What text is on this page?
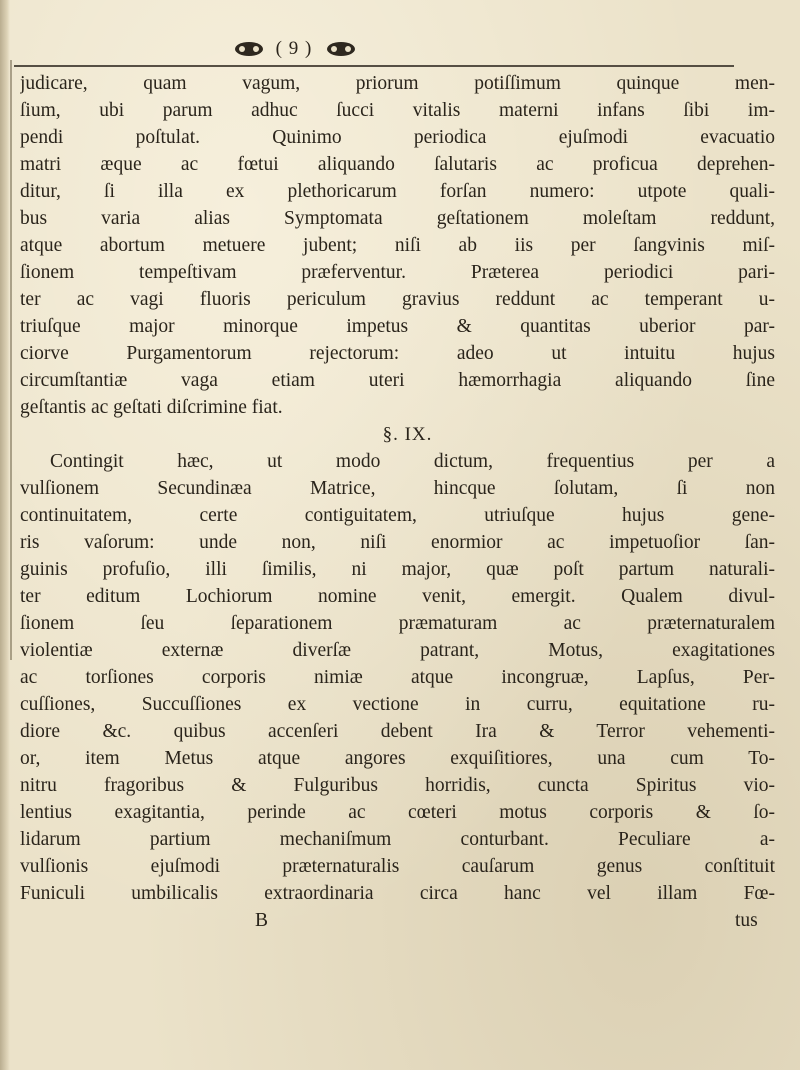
( 9 )
judicare, quam vagum, priorum potiſſimum quinque men-
ſium, ubi parum adhuc ſucci vitalis materni infans ſibi im-
pendi poſtulat. Quinimo periodica ejuſmodi evacuatio
matri æque ac fœtui aliquando ſalutaris ac proficua deprehen-
ditur, ſi illa ex plethoricarum forſan numero: utpote quali-
bus varia alias Symptomata geſtationem moleſtam reddunt,
atque abortum metuere jubent; niſi ab iis per ſangvinis miſ-
ſionem tempeſtivam præferventur. Præterea periodici pari-
ter ac vagi fluoris periculum gravius reddunt ac temperant u-
triuſque major minorque impetus & quantitas uberior par-
ciorve Purgamentorum rejectorum: adeo ut intuitu hujus
circumſtantiæ vaga etiam uteri hæmorrhagia aliquando ſine
geſtantis ac geſtati diſcrimine fiat.
§. IX.
Contingit hæc, ut modo dictum, frequentius per a
vulſionem Secundinæa Matrice, hincque ſolutam, ſi non
continuitatem, certe contiguitatem, utriuſque hujus gene-
ris vaſorum: unde non, niſi enormior ac impetuoſior ſan-
guinis profuſio, illi ſimilis, ni major, quæ poſt partum naturali-
ter editum Lochiorum nomine venit, emergit. Qualem divul-
ſionem ſeu ſeparationem præmaturam ac præternaturalem
violentiæ externæ diverſæ patrant, Motus, exagitationes
ac torſiones corporis nimiæ atque incongruæ, Lapſus, Per-
cuſſiones, Succuſſiones ex vectione in curru, equitatione ru-
diore &c. quibus accenſeri debent Ira & Terror vehementi-
or, item Metus atque angores exquiſitiores, una cum To-
nitru fragoribus & Fulguribus horridis, cuncta Spiritus vio-
lentius exagitantia, perinde ac cœteri motus corporis & ſo-
lidarum partium mechaniſmum conturbant. Peculiare a-
vulſionis ejuſmodi præternaturalis cauſarum genus conſtituit
Funiculi umbilicalis extraordinaria circa hanc vel illam Fœ-
B	tus
